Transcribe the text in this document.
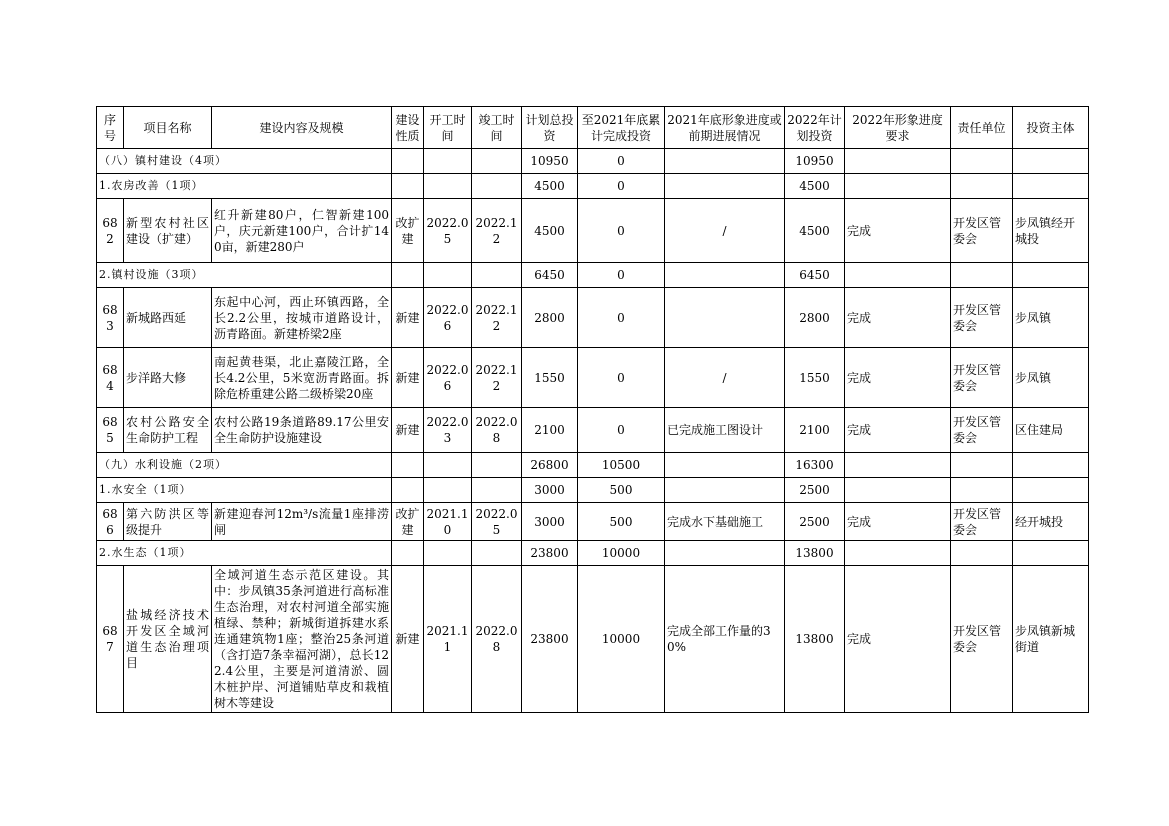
序号	项目名称	建设内容及规模	建设性质	开工时间	竣工时间	计划总投资	至2021年底累计完成投资	2021年底形象进度或前期进展情况	2022年计划投资	2022年形象进度要求	责任单位	投资主体
（八）镇村建设（4项）						10950	0		10950			
1.农房改善（1项）						4500	0		4500			
682	新型农村社区建设（扩建）	红升新建80户，仁智新建100户，庆元新建100户，合计扩140亩，新建280户	改扩建	2022.05	2022.12	4500	0	/	4500	完成	开发区管委会	步凤镇经开城投
2.镇村设施（3项）						6450	0		6450			
683	新城路西延	东起中心河，西止环镇西路，全长2.2公里，按城市道路设计，沥青路面。新建桥梁2座	新建	2022.06	2022.12	2800	0		2800	完成	开发区管委会	步凤镇
684	步洋路大修	南起黄巷渠，北止嘉陵江路，全长4.2公里，5米宽沥青路面。拆除危桥重建公路二级桥梁20座	新建	2022.06	2022.12	1550	0	/	1550	完成	开发区管委会	步凤镇
685	农村公路安全生命防护工程	农村公路19条道路89.17公里安全生命防护设施建设	新建	2022.03	2022.08	2100	0	已完成施工图设计	2100	完成	开发区管委会	区住建局
（九）水利设施（2项）						26800	10500		16300			
1.水安全（1项）						3000	500		2500			
686	第六防洪区等级提升	新建迎春河12m³/s流量1座排涝闸	改扩建	2021.10	2022.05	3000	500	完成水下基础施工	2500	完成	开发区管委会	经开城投
2.水生态（1项）						23800	10000		13800			
687	盐城经济技术开发区全域河道生态治理项目	全域河道生态示范区建设。其中：步凤镇35条河道进行高标准生态治理，对农村河道全部实施植绿、禁种；新城街道拆建水系连通建筑物1座；整治25条河道（含打造7条幸福河湖），总长122.4公里，主要是河道清淤、圆木桩护岸、河道铺贴草皮和栽植树木等建设	新建	2021.11	2022.08	23800	10000	完成全部工作量的30%	13800	完成	开发区管委会	步凤镇新城街道
